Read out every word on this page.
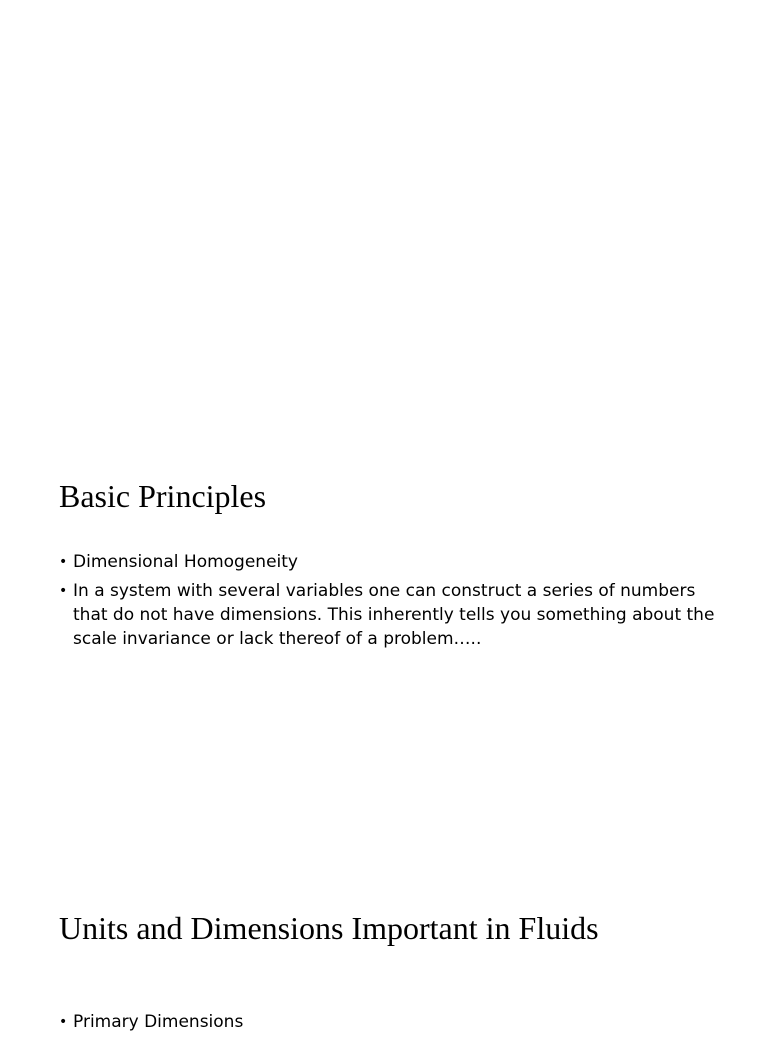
Basic Principles
• Dimensional Homogeneity
• In a system with several variables one can construct a series of numbers that do not have dimensions. This inherently tells you something about the scale invariance or lack thereof of a problem…..
Units and Dimensions Important in Fluids
• Primary Dimensions
